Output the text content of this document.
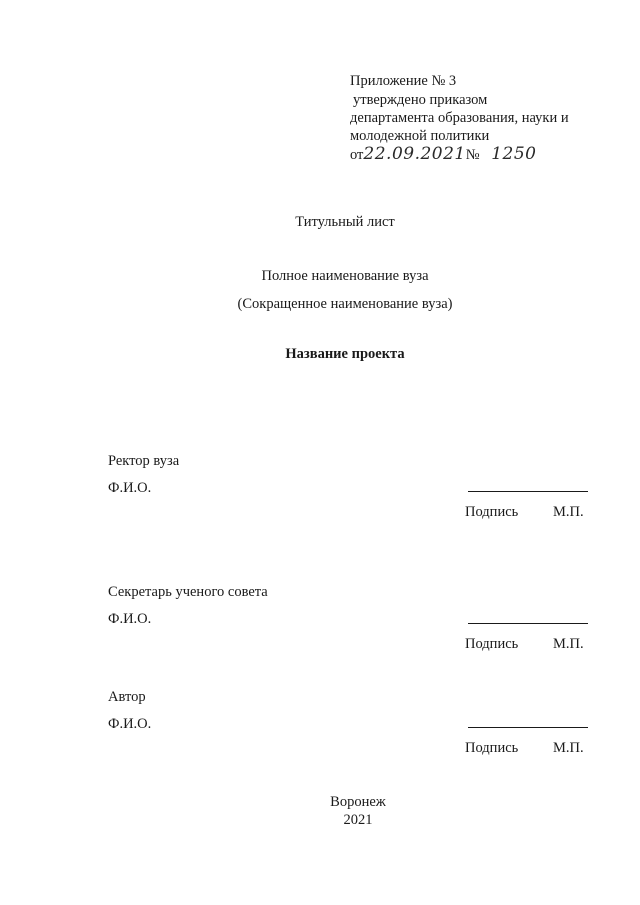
Приложение № 3
утверждено приказом
департамента образования, науки и
молодежной политики
от22.09.2021№ 1250
Титульный лист
Полное наименование вуза
(Сокращенное наименование вуза)
Название проекта
Ректор вуза
Ф.И.О.
Подпись М.П.
Секретарь ученого совета
Ф.И.О.
Подпись М.П.
Автор
Ф.И.О.
Подпись М.П.
Воронеж
2021
